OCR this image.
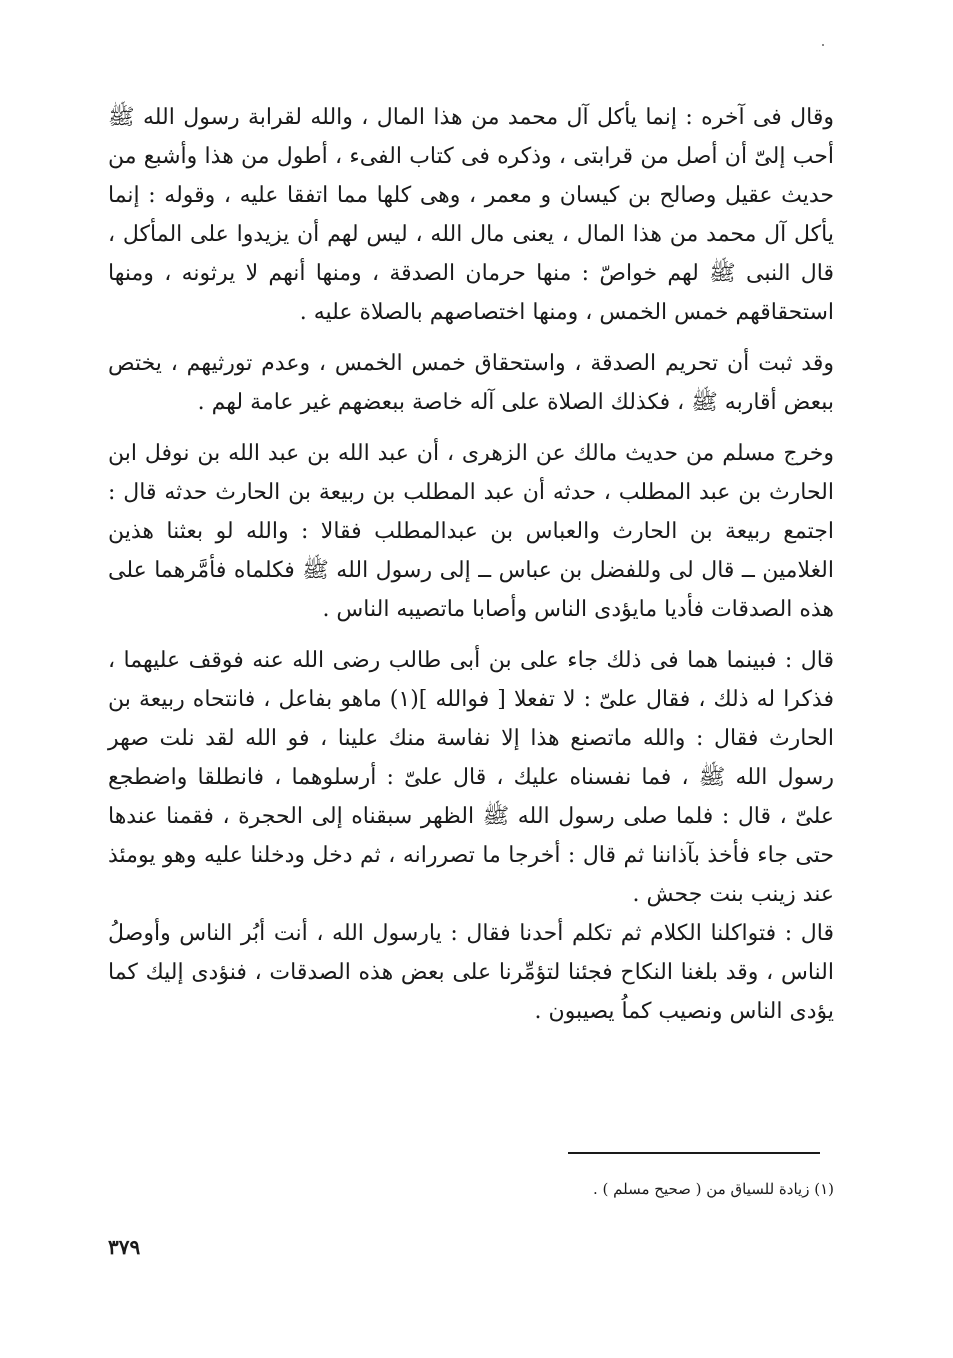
وقال فى آخره : إنما يأكل آل محمد من هذا المال ، والله لقرابة رسول الله ﷺ أحب إلىّ أن أصل من قرابتى ، وذكره فى كتاب الفىء ، أطول من هذا وأشبع من حديث عقيل وصالح بن كيسان و معمر ، وهى كلها مما اتفقا عليه ، وقوله : إنما يأكل آل محمد من هذا المال ، يعنى مال الله ، ليس لهم أن يزيدوا على المأكل ، قال النبى ﷺ لهم خواصّ : منها حرمان الصدقة ، ومنها أنهم لا يرثونه ، ومنها استحقاقهم خمس الخمس ، ومنها اختصاصهم بالصلاة عليه .

وقد ثبت أن تحريم الصدقة ، واستحقاق خمس الخمس ، وعدم تورثيهم ، يختص ببعض أقاربه ﷺ ، فكذلك الصلاة على آله خاصة ببعضهم غير عامة لهم .

وخرج مسلم من حديث مالك عن الزهرى ، أن عبد الله بن عبد الله بن نوفل ابن الحارث بن عبد المطلب ، حدثه أن عبد المطلب بن ربيعة بن الحارث حدثه قال : اجتمع ربيعة بن الحارث والعباس بن عبدالمطلب فقالا : والله لو بعثنا هذين الغلامين ــ قال لى وللفضل بن عباس ــ إلى رسول الله ﷺ فكلماه فأمَّرهما على هذه الصدقات فأديا مايؤدى الناس وأصابا ماتصيبه الناس .

قال : فبينما هما فى ذلك جاء على بن أبى طالب رضى الله عنه فوقف عليهما ، فذكرا له ذلك ، فقال علىّ : لا تفعلا [ فوالله ](١) ماهو بفاعل ، فانتحاه ربيعة بن الحارث فقال : والله ماتصنع هذا إلا نفاسة منك علينا ، فو الله لقد نلت صهر رسول الله ﷺ ، فما نفسناه عليك ، قال علىّ : أرسلوهما ، فانطلقا واضطجع علىّ ، قال : فلما صلى رسول الله ﷺ الظهر سبقناه إلى الحجرة ، فقمنا عندها حتى جاء فأخذ بآذاننا ثم قال : أخرجا ما تصررانه ، ثم دخل ودخلنا عليه وهو يومئذ عند زينب بنت جحش .

قال : فتواكلنا الكلام ثم تكلم أحدنا فقال : يارسول الله ، أنت أبُر الناس وأوصلُ الناس ، وقد بلغنا النكاح فجئنا لتؤمِّرنا على بعض هذه الصدقات ، فنؤدى إليك كما يؤدى الناس ونصيب كماُ يصيبون .

(١) زيادة للسياق من ( صحيح مسلم ) .
٣٧٩
